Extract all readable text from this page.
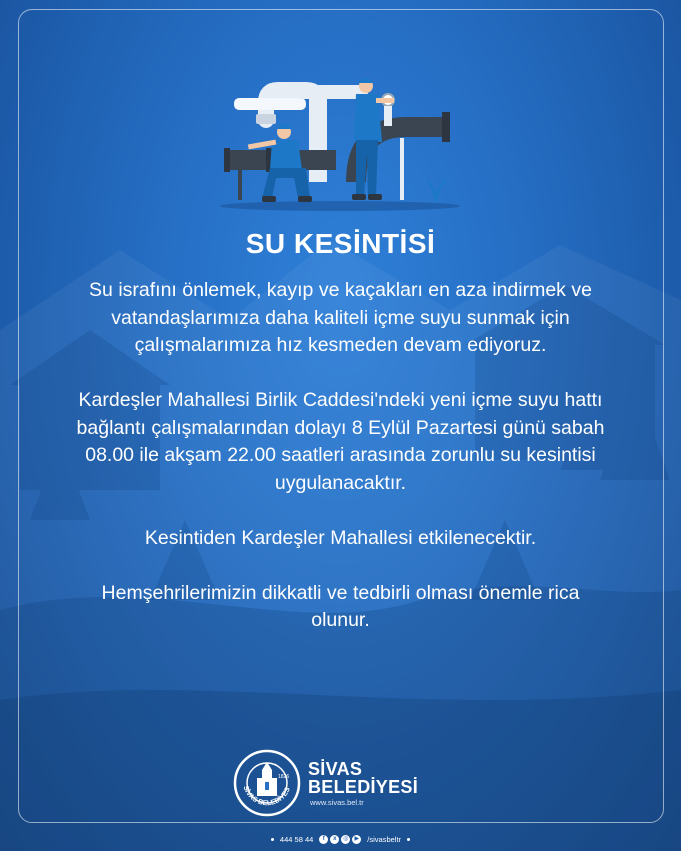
SU KESİNTİSİ

Su israfını önlemek, kayıp ve kaçakları en aza indirmek ve vatandaşlarımıza daha kaliteli içme suyu sunmak için çalışmalarımıza hız kesmeden devam ediyoruz.

Kardeşler Mahallesi Birlik Caddesi'ndeki yeni içme suyu hattı bağlantı çalışmalarından dolayı 8 Eylül Pazartesi günü sabah 08.00 ile akşam 22.00 saatleri arasında zorunlu su kesintisi uygulanacaktır.

Kesintiden Kardeşler Mahallesi etkilenecektir.

Hemşehrilerimizin dikkatli ve tedbirli olması önemle rica olunur.

1826
SİVAS BELEDİYES
SİVAS
BELEDİYESİ
www.sivas.bel.tr
444 58 44	f	x	◎	▶ /sivasbeltr
